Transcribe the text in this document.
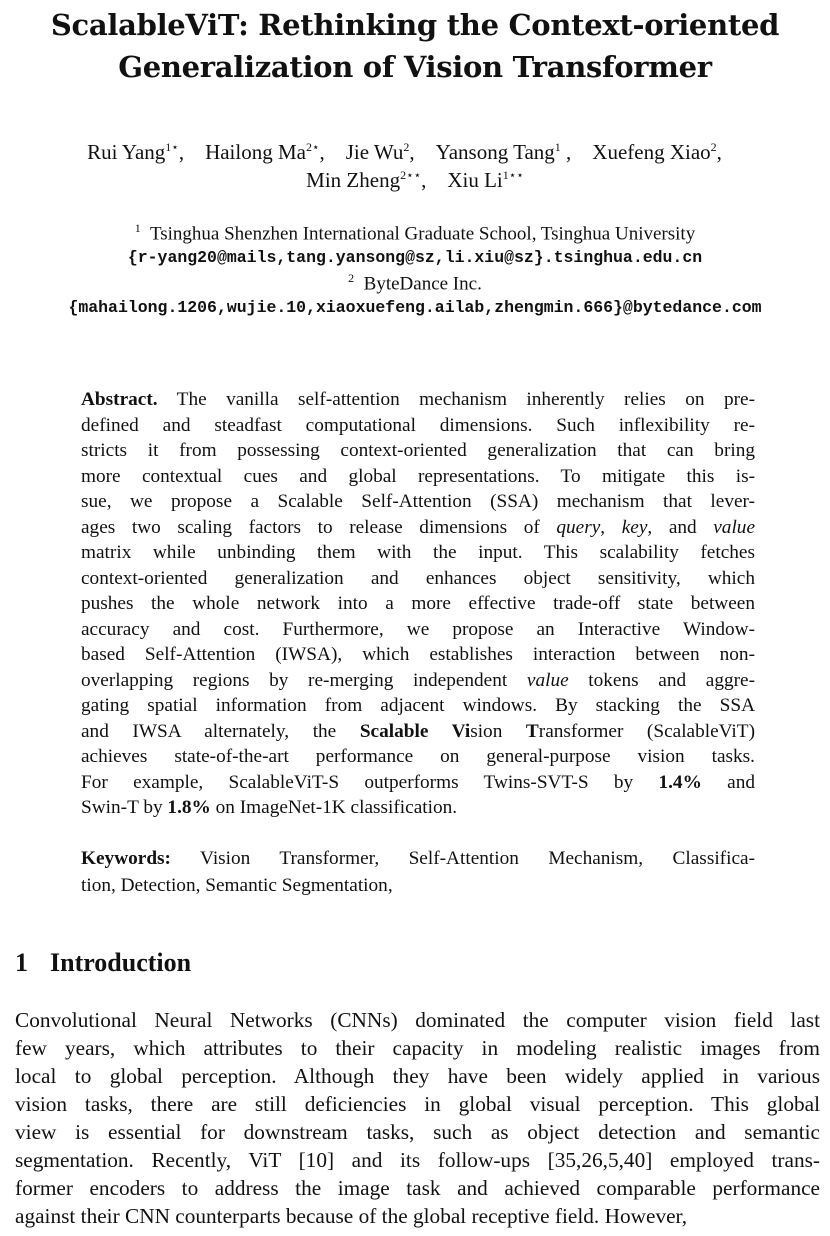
ScalableViT: Rethinking the Context-oriented
Generalization of Vision Transformer
Rui Yang$^{1⋆}$, Hailong $Ma^{2⋆}$, Jie Wu$^2$, Yansong Tang$^1$ , Xuefeng Xiao$^2$, 
Min Zheng$^{2⋆⋆}$, Xiu $Li^{1⋆⋆}$
$^1$ Tsinghua Shenzhen International Graduate School, Tsinghua University
{r-yang20@mails,tang.yansong@sz,li.xiu@sz}.tsinghua.edu.cn
$^2$ ByteDance Inc.
{mahailong.1206,wujie.10,xiaoxuefeng.ailab,zhengmin.666}@bytedance.com
Abstract. The vanilla self-attention mechanism inherently relies on pre-
defined and steadfast computational dimensions. Such inflexibility re-
stricts it from possessing context-oriented generalization that can bring
more contextual cues and global representations. To mitigate this is-
sue, we propose a Scalable Self-Attention (SSA) mechanism that lever-
ages two scaling factors to release dimensions of query, key, and value
matrix while unbinding them with the input. This scalability fetches
context-oriented generalization and enhances object sensitivity, which
pushes the whole network into a more effective trade-off state between
accuracy and cost. Furthermore, we propose an Interactive Window-
based Self-Attention (IWSA), which establishes interaction between non-
overlapping regions by re-merging independent value tokens and aggre-
gating spatial information from adjacent windows. By stacking the SSA
and IWSA alternately, the Scalable Vision Transformer (ScalableViT)
achieves state-of-the-art performance on general-purpose vision tasks.
For example, ScalableViT-S outperforms Twins-SVT-S by 1.4% and
Swin-T by 1.8% on ImageNet-1K classification.
Keywords: Vision Transformer, Self-Attention Mechanism, Classifica-
tion, Detection, Semantic Segmentation,
1 Introduction
Convolutional Neural Networks (CNNs) dominated the computer vision field last
few years, which attributes to their capacity in modeling realistic images from
local to global perception. Although they have been widely applied in various
vision tasks, there are still deficiencies in global visual perception. This global
view is essential for downstream tasks, such as object detection and semantic
segmentation. Recently, ViT [10] and its follow-ups [35,26,5,40] employed trans-
former encoders to address the image task and achieved comparable performance
against their CNN counterparts because of the global receptive field. However,
